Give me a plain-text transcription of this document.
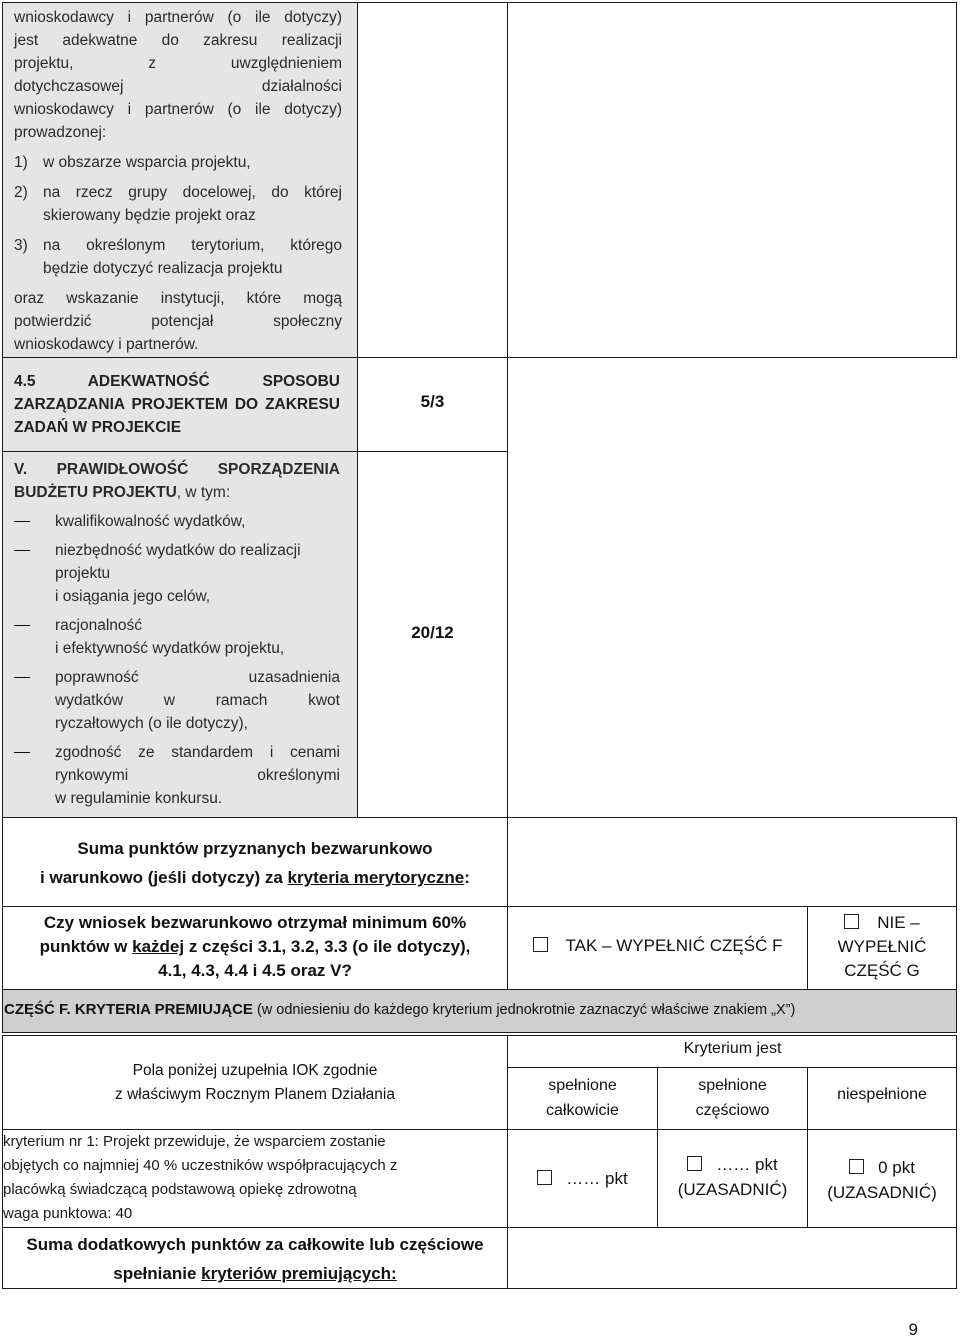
wnioskodawcy i partnerów (o ile dotyczy)
jest adekwatne do zakresu realizacji
projektu, z uwzględnieniem
dotychczasowej działalności
wnioskodawcy i partnerów (o ile dotyczy)
prowadzonej:
1) w obszarze wsparcia projektu,
2) na rzecz grupy docelowej, do której
skierowany będzie projekt oraz
3) na określonym terytorium, którego
będzie dotyczyć realizacja projektu
oraz wskazanie instytucji, które mogą
potwierdzić potencjał społeczny
wnioskodawcy i partnerów.
4.5 ADEKWATNOŚĆ SPOSOBU
ZARZĄDZANIA PROJEKTEM DO ZAKRESU
ZADAŃ W PROJEKCIE
5/3
V. PRAWIDŁOWOŚĆ SPORZĄDZENIA
BUDŻETU PROJEKTU, w tym:
kwalifikowalność wydatków,
niezbędność wydatków do realizacji
projektu
i osiągania jego celów,
racjonalność
i efektywność wydatków projektu,
poprawność uzasadnienia
wydatków w ramach kwot
ryczałtowych (o ile dotyczy),
zgodność ze standardem i cenami
rynkowymi określonymi
w regulaminie konkursu.
20/12
Suma punktów przyznanych bezwarunkowo
i warunkowo (jeśli dotyczy) za kryteria merytoryczne:
Czy wniosek bezwarunkowo otrzymał minimum 60%
punktów w każdej z części 3.1, 3.2, 3.3 (o ile dotyczy),
4.1, 4.3, 4.4 i 4.5 oraz V?
TAK – WYPEŁNIĆ CZĘŚĆ F
NIE –
WYPEŁNIĆ
CZĘŚĆ G
CZĘŚĆ F. KRYTERIA PREMIUJĄCE (w odniesieniu do każdego kryterium jednokrotnie zaznaczyć właściwe znakiem „X”)
Pola poniżej uzupełnia IOK zgodnie
z właściwym Rocznym Planem Działania
Kryterium jest
spełnione
całkowicie
spełnione
częściowo
niespełnione
kryterium nr 1: Projekt przewiduje, że wsparciem zostanie
objętych co najmniej 40 % uczestników współpracujących z
placówką świadczącą podstawową opiekę zdrowotną
waga punktowa: 40
…… pkt
…… pkt
(UZASADNIĆ)
0 pkt
(UZASADNIĆ)
Suma dodatkowych punktów za całkowite lub częściowe
spełnianie kryteriów premiujących:
9
